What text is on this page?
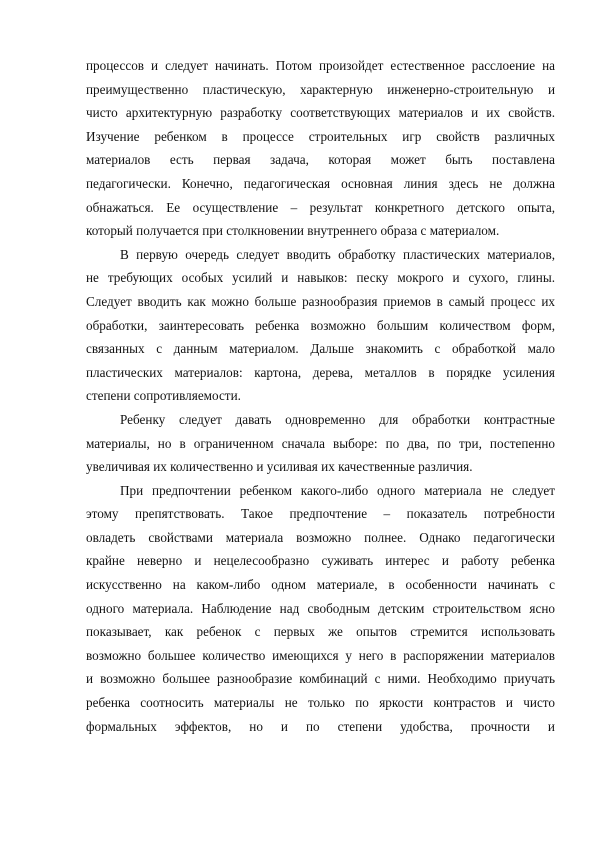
процессов и следует начинать. Потом произойдет естественное расслоение на
преимущественно пластическую, характерную инженерно-строительную и
чисто архитектурную разработку соответствующих материалов и их свойств.
Изучение ребенком в процессе строительных игр свойств различных
материалов есть первая задача, которая может быть поставлена
педагогически. Конечно, педагогическая основная линия здесь не должна
обнажаться. Ее осуществление – результат конкретного детского опыта,
который получается при столкновении внутреннего образа с материалом.
В первую очередь следует вводить обработку пластических материалов,
не требующих особых усилий и навыков: песку мокрого и сухого, глины.
Следует вводить как можно больше разнообразия приемов в самый процесс их
обработки, заинтересовать ребенка возможно большим количеством форм,
связанных с данным материалом. Дальше знакомить с обработкой мало
пластических материалов: картона, дерева, металлов в порядке усиления
степени сопротивляемости.
Ребенку следует давать одновременно для обработки контрастные
материалы, но в ограниченном сначала выборе: по два, по три, постепенно
увеличивая их количественно и усиливая их качественные различия.
При предпочтении ребенком какого-либо одного материала не следует
этому препятствовать. Такое предпочтение – показатель потребности
овладеть свойствами материала возможно полнее. Однако педагогически
крайне неверно и нецелесообразно суживать интерес и работу ребенка
искусственно на каком-либо одном материале, в особенности начинать с
одного материала. Наблюдение над свободным детским строительством ясно
показывает, как ребенок с первых же опытов стремится использовать
возможно большее количество имеющихся у него в распоряжении материалов
и возможно большее разнообразие комбинаций с ними. Необходимо приучать
ребенка соотносить материалы не только по яркости контрастов и чисто
формальных эффектов, но и по степени удобства, прочности и
